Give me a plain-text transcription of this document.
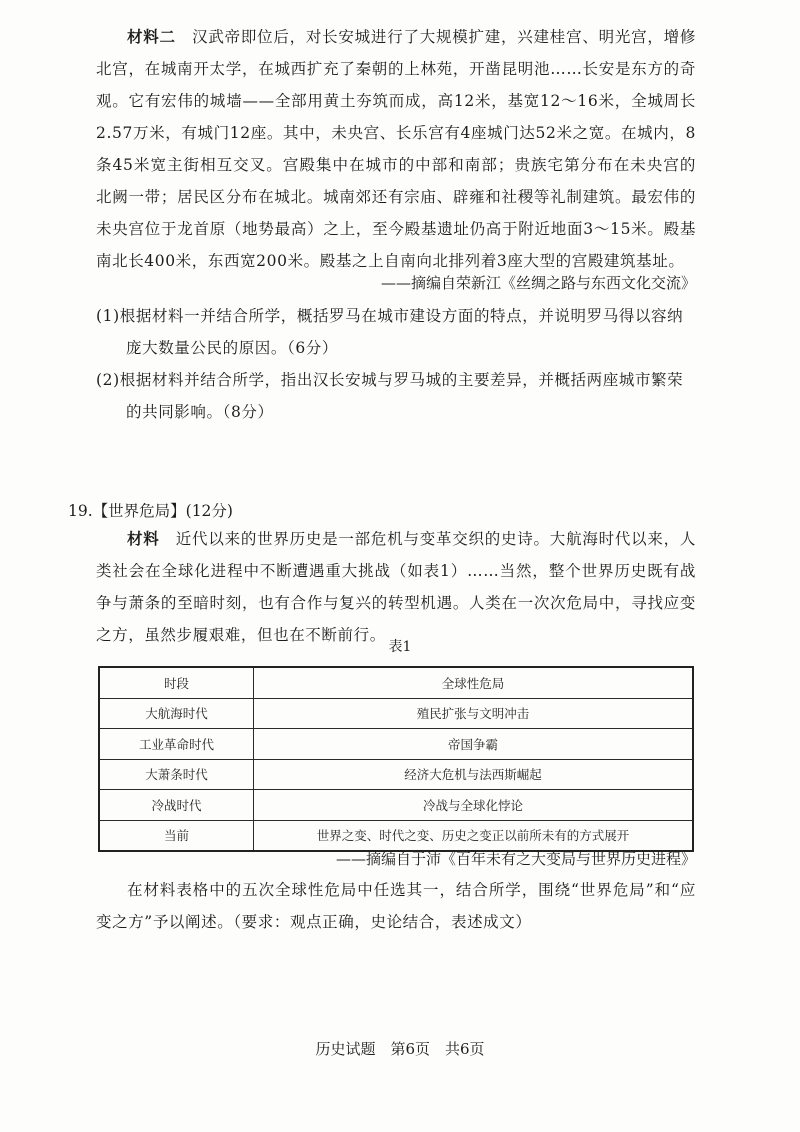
材料二　 汉武帝即位后，对长安城进行了大规模扩建，兴建桂宫、明光宫，增修北宫，在城南开太学，在城西扩充了秦朝的上林苑，开凿昆明池……长安是东方的奇观。它有宏伟的城墙——全部用黄土夯筑而成，高12米，基宽12～16米，全城周长2.57万米，有城门12座。其中，未央宫、长乐宫有4座城门达52米之宽。在城内，8条45米宽主街相互交叉。宫殿集中在城市的中部和南部；贵族宅第分布在未央宫的北阙一带；居民区分布在城北。城南郊还有宗庙、辟雍和社稷等礼制建筑。最宏伟的未央宫位于龙首原（地势最高）之上，至今殿基遗址仍高于附近地面3～15米。殿基南北长400米，东西宽200米。殿基之上自南向北排列着3座大型的宫殿建筑基址。

——摘编自荣新江《丝绸之路与东西文化交流》

(1)根据材料一并结合所学，概括罗马在城市建设方面的特点，并说明罗马得以容纳庞大数量公民的原因。（6分）

(2)根据材料并结合所学，指出汉长安城与罗马城的主要差异，并概括两座城市繁荣的共同影响。（8分）

19.【世界危局】(12分)

材料　 近代以来的世界历史是一部危机与变革交织的史诗。大航海时代以来，人类社会在全球化进程中不断遭遇重大挑战（如表1）……当然，整个世界历史既有战争与萧条的至暗时刻，也有合作与复兴的转型机遇。人类在一次次危局中，寻找应变之方，虽然步履艰难，但也在不断前行。

表1

时段	全球性危局
大航海时代	殖民扩张与文明冲击
工业革命时代	帝国争霸
大萧条时代	经济大危机与法西斯崛起
冷战时代	冷战与全球化悖论
当前	世界之变、时代之变、历史之变正以前所未有的方式展开

——摘编自于沛《百年未有之大变局与世界历史进程》

在材料表格中的五次全球性危局中任选其一，结合所学，围绕“世界危局”和“应变之方”予以阐述。（要求：观点正确，史论结合，表述成文）

历史试题　第6页　共6页
